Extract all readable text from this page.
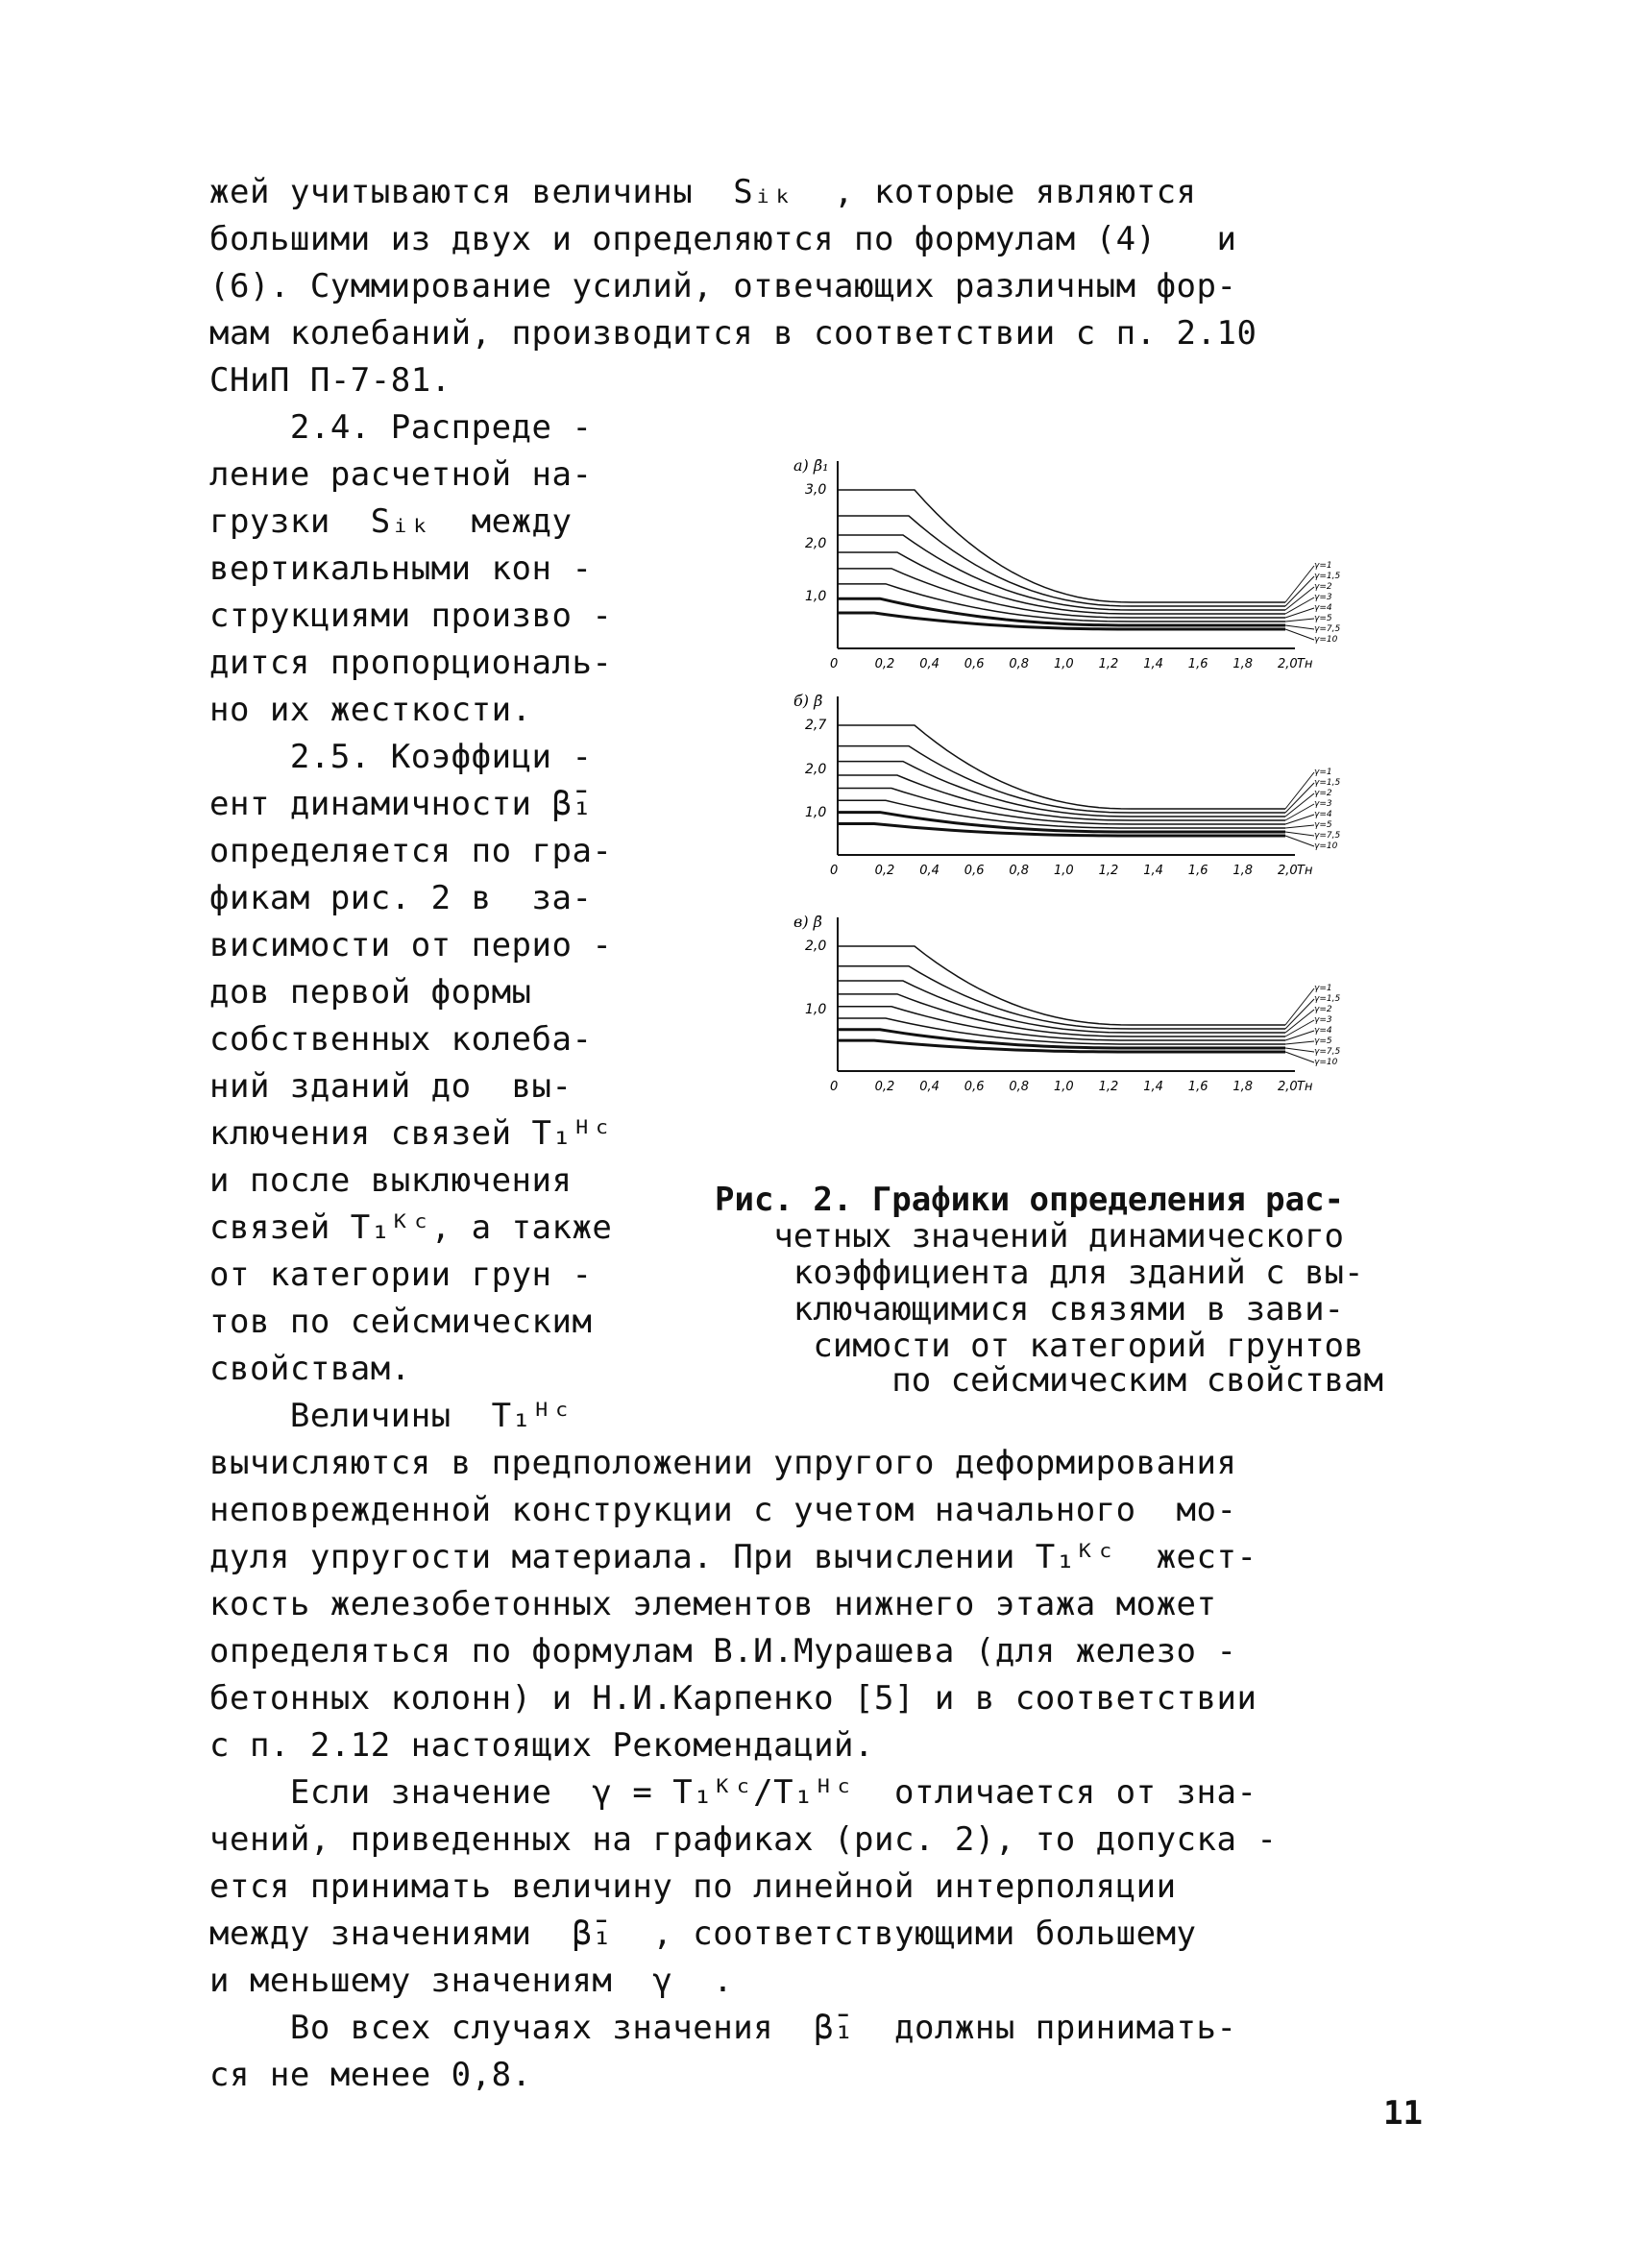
жей учитываются величины  Sᵢₖ  , которые являются
большими из двух и определяются по формулам (4)   и
(6). Суммирование усилий, отвечающих различным фор-
мам колебаний, производится в соответствии с п. 2.10
СНиП П-7-81.
2.4. Распреде -
ление расчетной на-
грузки  Sᵢₖ  между
вертикальными кон -
струкциями произво -
дится пропорциональ-
но их жесткости.
2.5. Коэффици -
ент динамичности β̄₁
определяется по гра-
фикам рис. 2 в  за-
висимости от перио -
дов первой формы
собственных колеба-
ний зданий до  вы-
ключения связей T₁ᴴᶜ
и после выключения
связей T₁ᴷᶜ, а также
от категории грун -
тов по сейсмическим
свойствам.
Величины  T₁ᴴᶜ
а) β̄₁
3,0
2,0
1,0
γ=1
γ=1,5
γ=2
γ=3
γ=4
γ=5
γ=7,5
γ=10
0	0,2 0,4 0,6 0,8 1,0 1,2 1,4 1,6 1,8 2,0 Tн
б) β̄
2,7
2,0
1,0
γ=1
γ=1,5
γ=2
γ=3
γ=4
γ=5
γ=7,5
γ=10
0	0,2 0,4 0,6 0,8 1,0 1,2 1,4 1,6 1,8 2,0 Tн
в) β̄
2,0
1,0
γ=1
γ=1,5
γ=2
γ=3
γ=4
γ=5
γ=7,5
γ=10
0	0,2 0,4 0,6 0,8 1,0 1,2 1,4 1,6 1,8 2,0 Tн
Рис. 2. Графики определения рас-
четных значений динамического
коэффициента для зданий с вы-
ключающимися связями в зави-
симости от категорий грунтов
по сейсмическим свойствам
вычисляются в предположении упругого деформирования
неповрежденной конструкции с учетом начального  мо-
дуля упругости материала. При вычислении T₁ᴷᶜ  жест-
кость железобетонных элементов нижнего этажа может
определяться по формулам В.И.Мурашева (для железо -
бетонных колонн) и Н.И.Карпенко [5] и в соответствии
с п. 2.12 настоящих Рекомендаций.
Если значение  γ = T₁ᴷᶜ/T₁ᴴᶜ  отличается от зна-
чений, приведенных на графиках (рис. 2), то допуска -
ется принимать величину по линейной интерполяции
между значениями  β̄₁  , соответствующими большему
и меньшему значениям  γ  .
Во всех случаях значения  β̄₁  должны принимать-
ся не менее 0,8.
11
